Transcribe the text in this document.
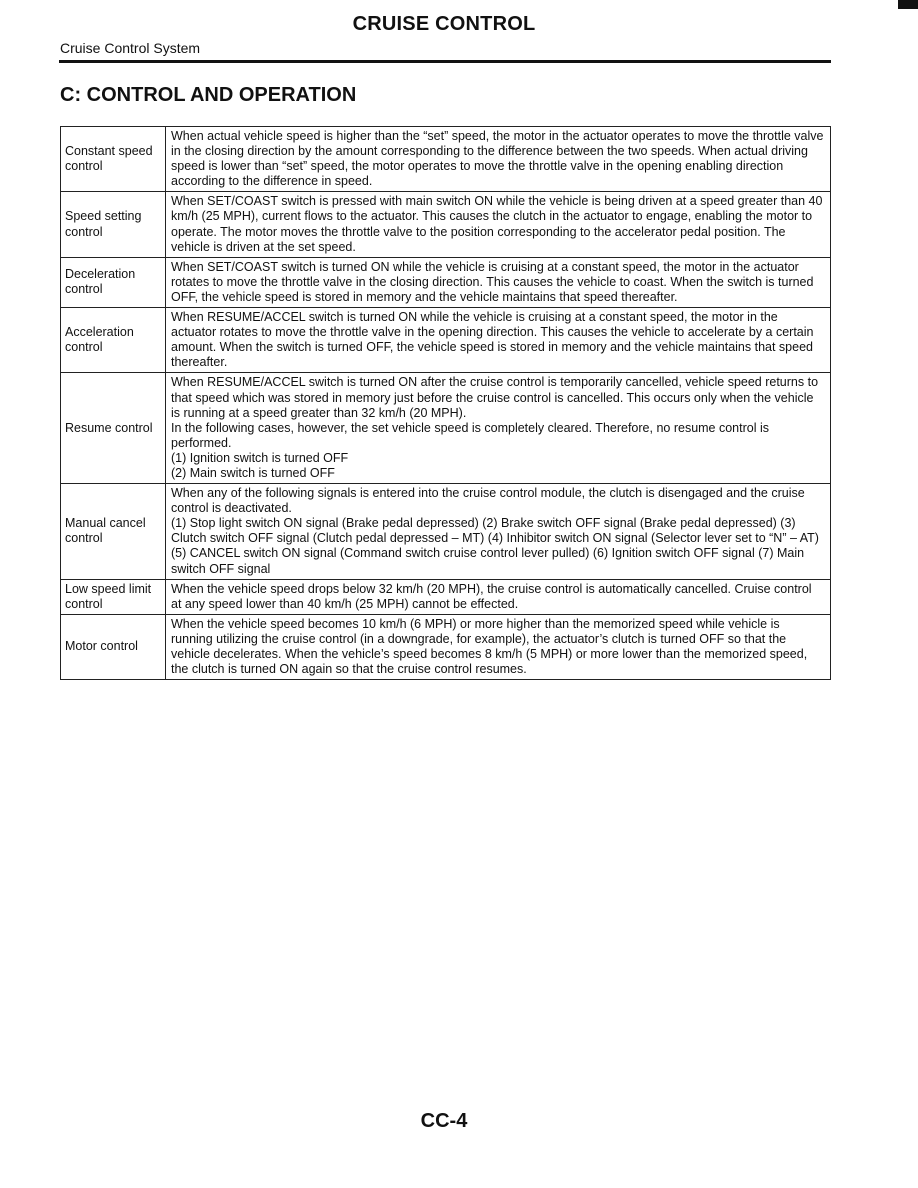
CRUISE CONTROL
Cruise Control System
C: CONTROL AND OPERATION
Constant speed control	When actual vehicle speed is higher than the “set” speed, the motor in the actuator operates to move the throttle valve in the closing direction by the amount corresponding to the difference between the two speeds. When actual driving speed is lower than “set” speed, the motor operates to move the throttle valve in the opening enabling direction according to the difference in speed.

Speed setting control	When SET/COAST switch is pressed with main switch ON while the vehicle is being driven at a speed greater than 40 km/h (25 MPH), current flows to the actuator. This causes the clutch in the actuator to engage, enabling the motor to operate. The motor moves the throttle valve to the position corresponding to the accelerator pedal position. The vehicle is driven at the set speed.

Deceleration control	When SET/COAST switch is turned ON while the vehicle is cruising at a constant speed, the motor in the actuator rotates to move the throttle valve in the closing direction. This causes the vehicle to coast. When the switch is turned OFF, the vehicle speed is stored in memory and the vehicle maintains that speed thereafter.

Acceleration control	When RESUME/ACCEL switch is turned ON while the vehicle is cruising at a constant speed, the motor in the actuator rotates to move the throttle valve in the opening direction. This causes the vehicle to accelerate by a certain amount. When the switch is turned OFF, the vehicle speed is stored in memory and the vehicle maintains that speed thereafter.

Resume control	When RESUME/ACCEL switch is turned ON after the cruise control is temporarily cancelled, vehicle speed returns to that speed which was stored in memory just before the cruise control is cancelled. This occurs only when the vehicle is running at a speed greater than 32 km/h (20 MPH).
In the following cases, however, the set vehicle speed is completely cleared. Therefore, no resume control is performed.
(1) Ignition switch is turned OFF
(2) Main switch is turned OFF

Manual cancel control	When any of the following signals is entered into the cruise control module, the clutch is disengaged and the cruise control is deactivated.
(1) Stop light switch ON signal (Brake pedal depressed) (2) Brake switch OFF signal (Brake pedal depressed) (3) Clutch switch OFF signal (Clutch pedal depressed – MT) (4) Inhibitor switch ON signal (Selector lever set to “N” – AT) (5) CANCEL switch ON signal (Command switch cruise control lever pulled) (6) Ignition switch OFF signal (7) Main switch OFF signal

Low speed limit control	When the vehicle speed drops below 32 km/h (20 MPH), the cruise control is automatically cancelled. Cruise control at any speed lower than 40 km/h (25 MPH) cannot be effected.

Motor control	When the vehicle speed becomes 10 km/h (6 MPH) or more higher than the memorized speed while vehicle is running utilizing the cruise control (in a downgrade, for example), the actuator’s clutch is turned OFF so that the vehicle decelerates. When the vehicle’s speed becomes 8 km/h (5 MPH) or more lower than the memorized speed, the clutch is turned ON again so that the cruise control resumes.
CC-4
